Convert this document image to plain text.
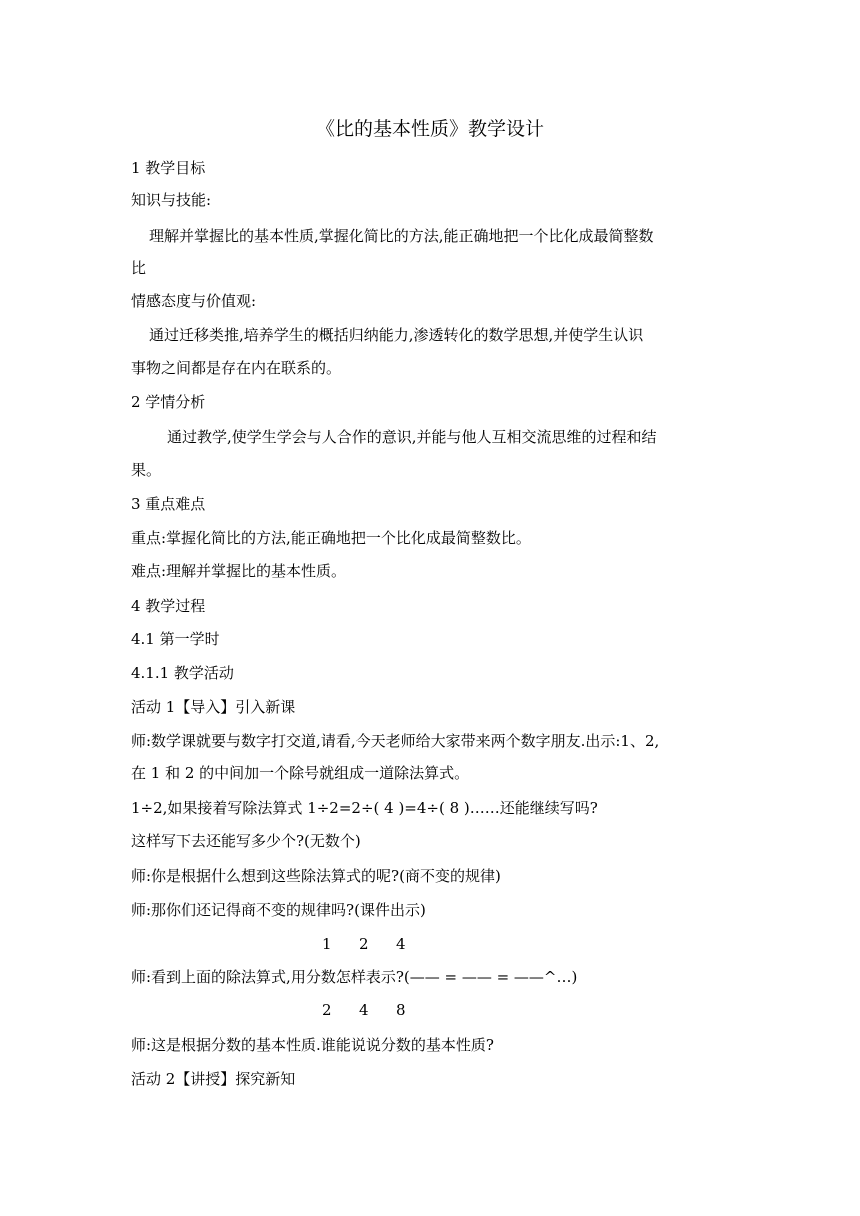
《比的基本性质》教学设计
1 教学目标
知识与技能:
理解并掌握比的基本性质,掌握化简比的方法,能正确地把一个比化成最简整数
比
情感态度与价值观:
通过迁移类推,培养学生的概括归纳能力,渗透转化的数学思想,并使学生认识
事物之间都是存在内在联系的。
2 学情分析
通过教学,使学生学会与人合作的意识,并能与他人互相交流思维的过程和结
果。
3 重点难点
重点:掌握化简比的方法,能正确地把一个比化成最简整数比。
难点:理解并掌握比的基本性质。
4 教学过程
4.1 第一学时
4.1.1 教学活动
活动 1【导入】引入新课
师:数学课就要与数字打交道,请看,今天老师给大家带来两个数字朋友.出示:1、2,
在 1 和 2 的中间加一个除号就组成一道除法算式。
1÷2,如果接着写除法算式 1÷2=2÷( 4 )=4÷( 8 )……还能继续写吗?
这样写下去还能写多少个?(无数个)
师:你是根据什么想到这些除法算式的呢?(商不变的规律)
师:那你们还记得商不变的规律吗?(课件出示)
1 2 4
师:看到上面的除法算式,用分数怎样表示?(—— = —— = ——^…)
2 4 8
师:这是根据分数的基本性质.谁能说说分数的基本性质?
活动 2【讲授】探究新知
